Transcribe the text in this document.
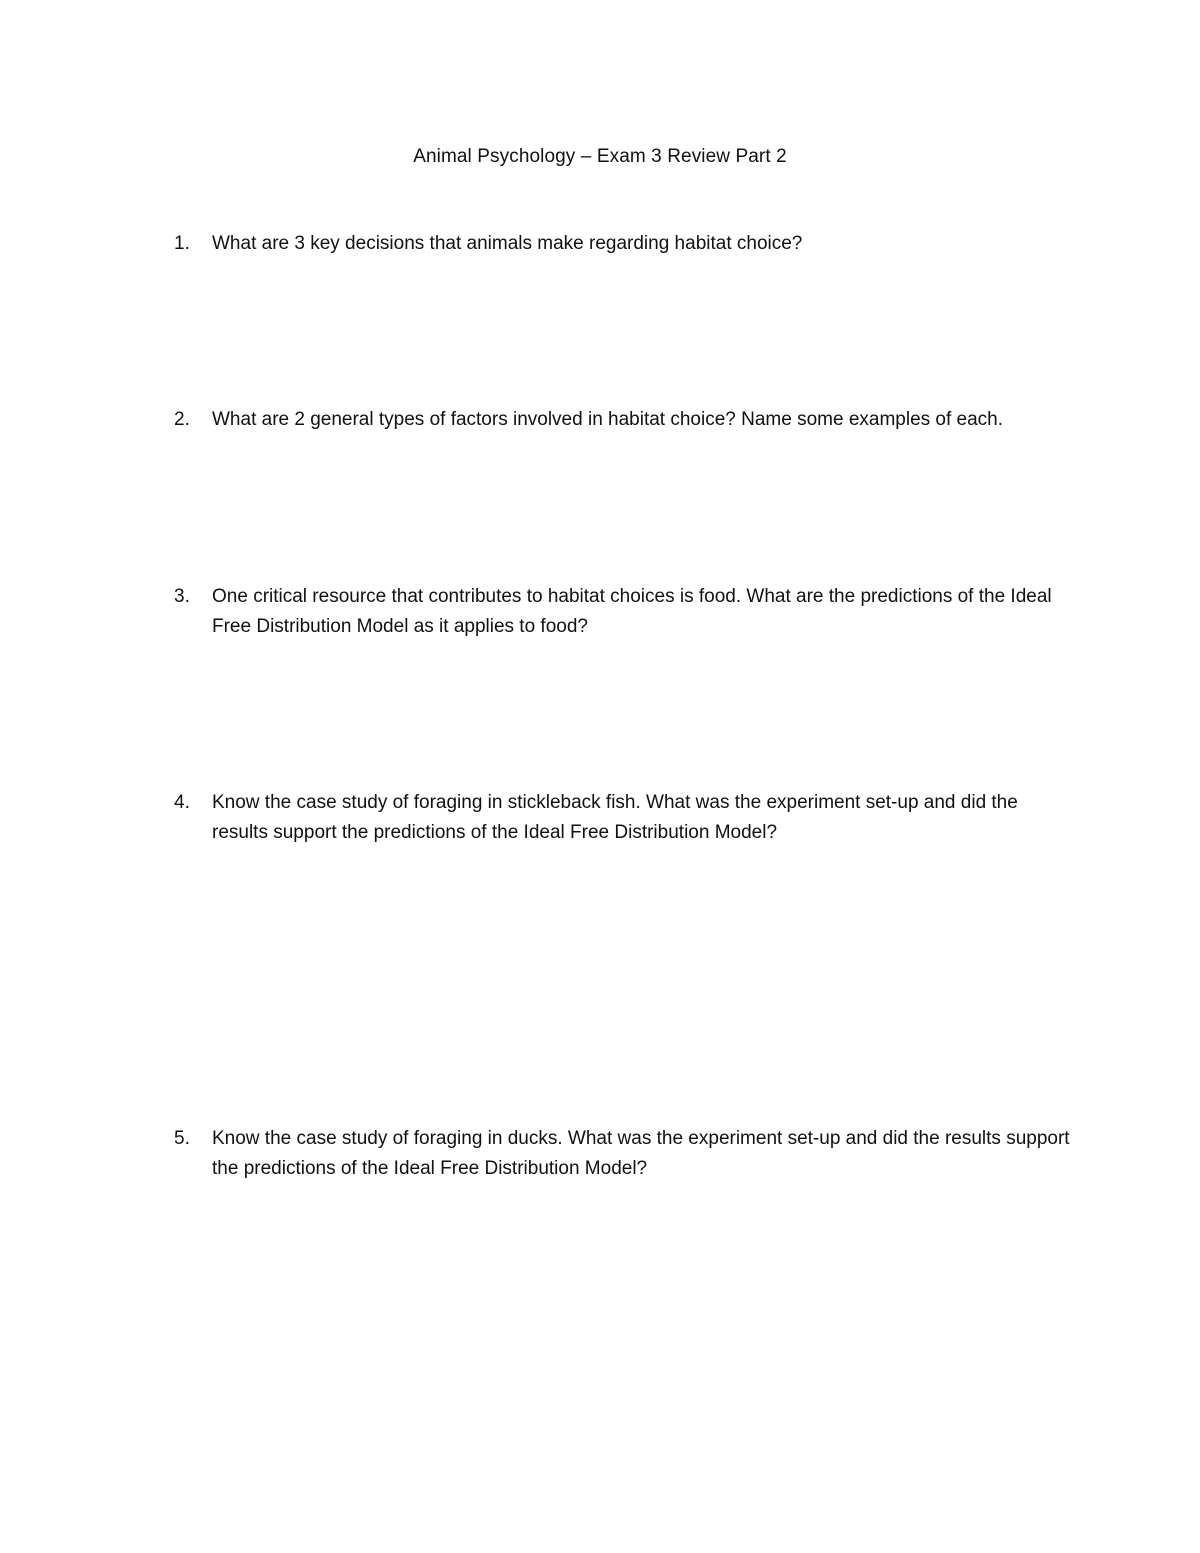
Animal Psychology – Exam 3 Review Part 2
1.	What are 3 key decisions that animals make regarding habitat choice?
2.	What are 2 general types of factors involved in habitat choice? Name some examples of each.
3.	One critical resource that contributes to habitat choices is food. What are the predictions of the Ideal Free Distribution Model as it applies to food?
4.	Know the case study of foraging in stickleback fish. What was the experiment set-up and did the results support the predictions of the Ideal Free Distribution Model?
5.	Know the case study of foraging in ducks. What was the experiment set-up and did the results support the predictions of the Ideal Free Distribution Model?
